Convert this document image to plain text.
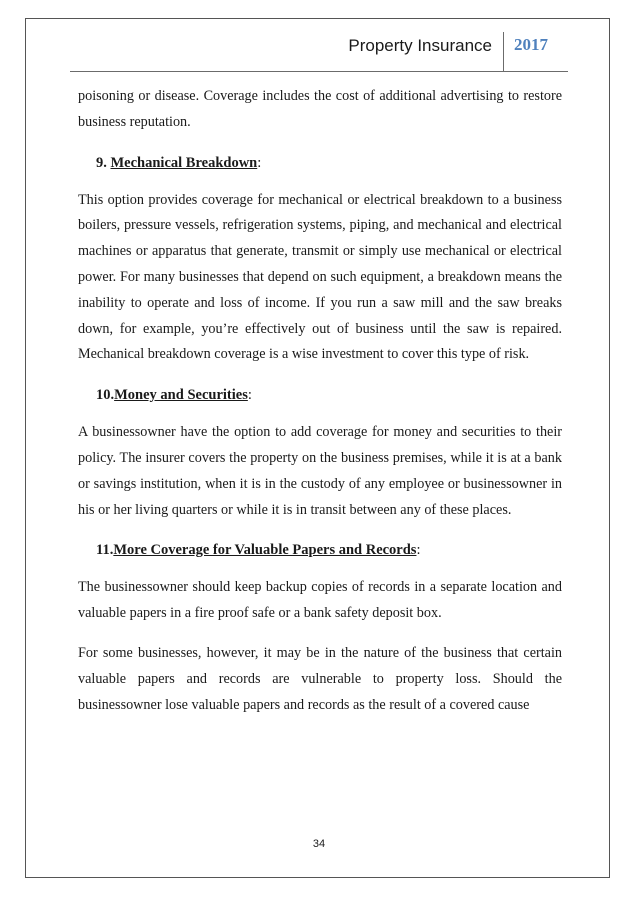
Property Insurance 2017

poisoning or disease. Coverage includes the cost of additional advertising to restore business reputation.

9. Mechanical Breakdown:

This option provides coverage for mechanical or electrical breakdown to a business boilers, pressure vessels, refrigeration systems, piping, and mechanical and electrical machines or apparatus that generate, transmit or simply use mechanical or electrical power. For many businesses that depend on such equipment, a breakdown means the inability to operate and loss of income. If you run a saw mill and the saw breaks down, for example, you’re effectively out of business until the saw is repaired. Mechanical breakdown coverage is a wise investment to cover this type of risk.

10.Money and Securities:

A businessowner have the option to add coverage for money and securities to their policy. The insurer covers the property on the business premises, while it is at a bank or savings institution, when it is in the custody of any employee or businessowner in his or her living quarters or while it is in transit between any of these places.

11.More Coverage for Valuable Papers and Records:

The businessowner should keep backup copies of records in a separate location and valuable papers in a fire proof safe or a bank safety deposit box.

For some businesses, however, it may be in the nature of the business that certain valuable papers and records are vulnerable to property loss. Should the businessowner lose valuable papers and records as the result of a covered cause

34
